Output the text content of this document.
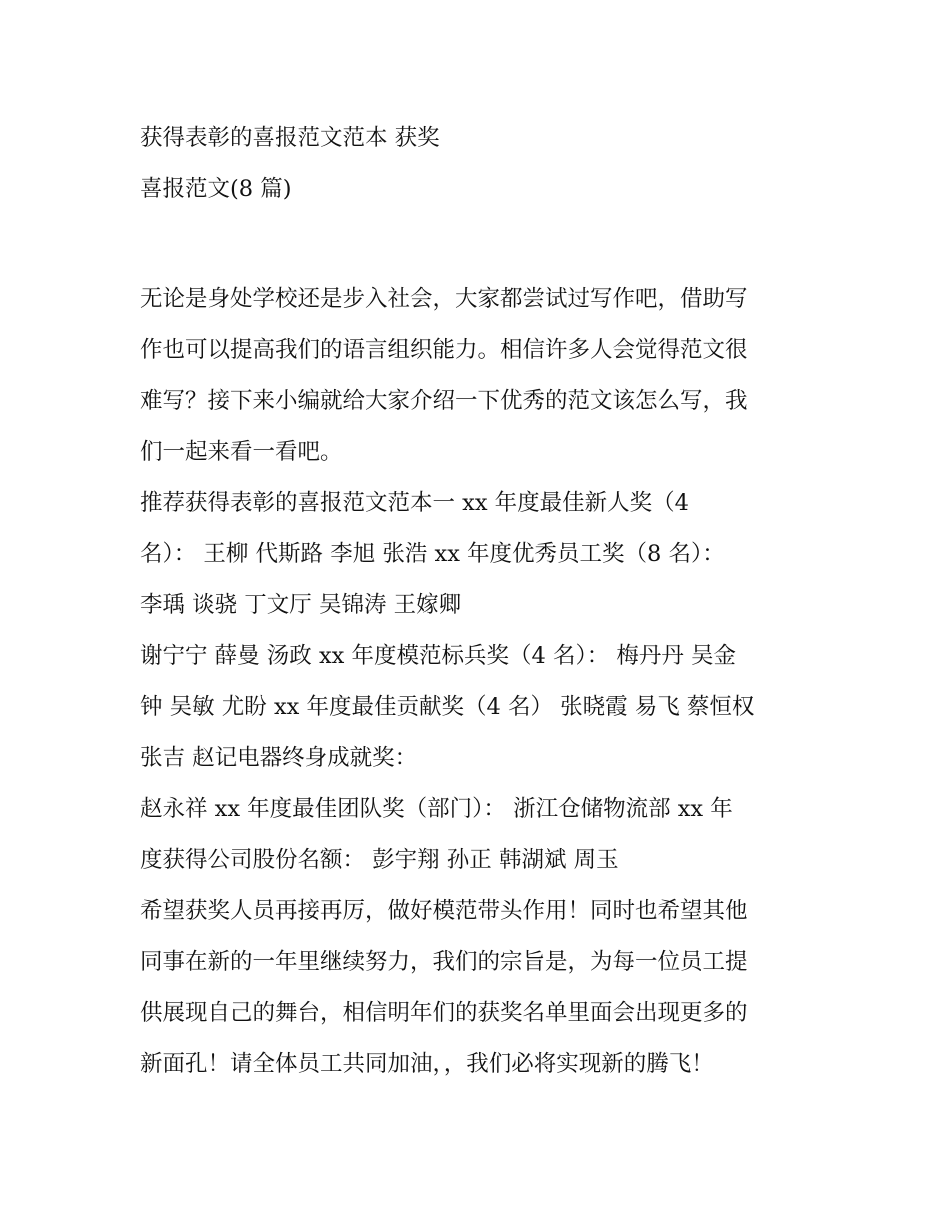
获得表彰的喜报范文范本 获奖
喜报范文(8 篇)
无论是身处学校还是步入社会，大家都尝试过写作吧，借助写
作也可以提高我们的语言组织能力。相信许多人会觉得范文很
难写？接下来小编就给大家介绍一下优秀的范文该怎么写，我
们一起来看一看吧。
推荐获得表彰的喜报范文范本一 xx 年度最佳新人奖（4
名）： 王柳 代斯路 李旭 张浩 xx 年度优秀员工奖（8 名）：
李瑀 谈骁 丁文厅 吴锦涛 王嫁卿
谢宁宁 薛曼 汤政 xx 年度模范标兵奖（4 名）： 梅丹丹 吴金
钟 吴敏 尤盼 xx 年度最佳贡献奖（4 名） 张晓霞 易飞 蔡恒权
张吉 赵记电器终身成就奖：
赵永祥 xx 年度最佳团队奖（部门）： 浙江仓储物流部 xx 年
度获得公司股份名额： 彭宇翔 孙正 韩湖斌 周玉
希望获奖人员再接再厉，做好模范带头作用！同时也希望其他
同事在新的一年里继续努力，我们的宗旨是，为每一位员工提
供展现自己的舞台，相信明年们的获奖名单里面会出现更多的
新面孔！请全体员工共同加油，，我们必将实现新的腾飞！
